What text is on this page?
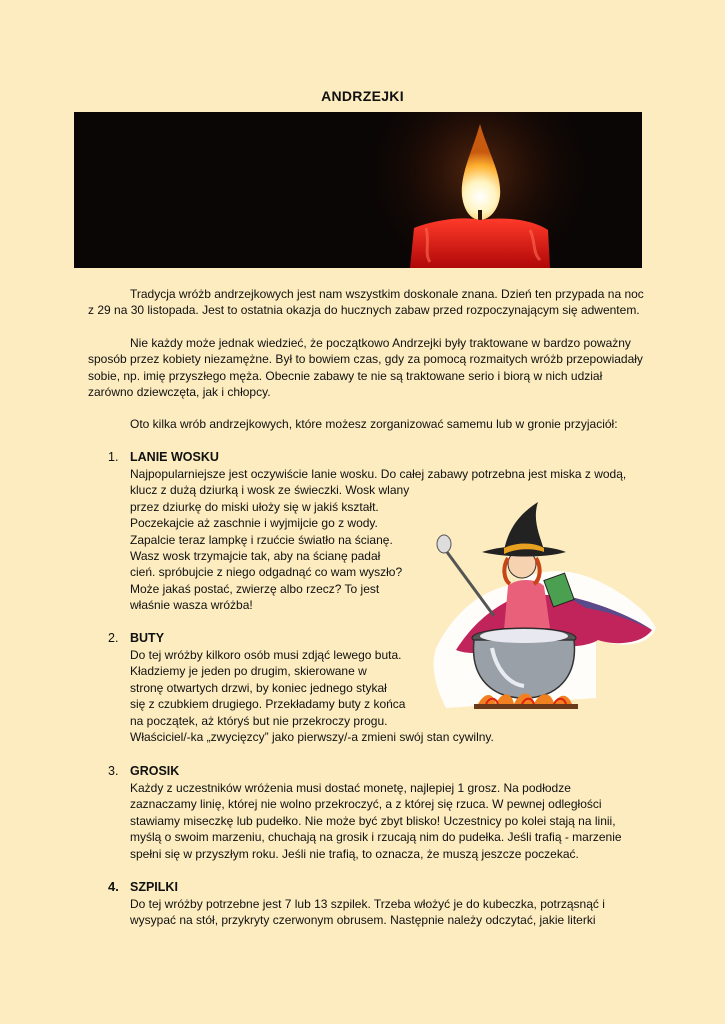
ANDRZEJKI
Tradycja wróżb andrzejkowych jest nam wszystkim doskonale znana. Dzień ten przypada na noc z 29 na 30 listopada. Jest to ostatnia okazja do hucznych zabaw przed rozpoczynającym się adwentem.
Nie każdy może jednak wiedzieć, że początkowo Andrzejki były traktowane w bardzo poważny sposób przez kobiety niezamężne. Był to bowiem czas, gdy za pomocą rozmaitych wróżb przepowiadały sobie, np. imię przyszłego męża. Obecnie zabawy te nie są traktowane serio i biorą w nich udział zarówno dziewczęta, jak i chłopcy.
Oto kilka wrób andrzejkowych, które możesz zorganizować samemu lub w gronie przyjaciół:
1. LANIE WOSKU
Najpopularniejsze jest oczywiście lanie wosku. Do całej zabawy potrzebna jest miska z wodą,
klucz z dużą dziurką i wosk ze świeczki. Wosk wlany
przez dziurkę do miski ułoży się w jakiś kształt.
Poczekajcie aż zaschnie i wyjmijcie go z wody.
Zapalcie teraz lampkę i rzućcie światło na ścianę.
Wasz wosk trzymajcie tak, aby na ścianę padał
cień. spróbujcie z niego odgadnąć co wam wyszło?
Może jakaś postać, zwierzę albo rzecz? To jest
właśnie wasza wróżba!
2. BUTY
Do tej wróżby kilkoro osób musi zdjąć lewego buta.
Kładziemy je jeden po drugim, skierowane w
stronę otwartych drzwi, by koniec jednego stykał
się z czubkiem drugiego. Przekładamy buty z końca
na początek, aż któryś but nie przekroczy progu.
Właściciel/-ka „zwycięzcy” jako pierwszy/-a zmieni swój stan cywilny.
3. GROSIK
Każdy z uczestników wróżenia musi dostać monetę, najlepiej 1 grosz. Na podłodze
zaznaczamy linię, której nie wolno przekroczyć, a z której się rzuca. W pewnej odległości
stawiamy miseczkę lub pudełko. Nie może być zbyt blisko! Uczestnicy po kolei stają na linii,
myślą o swoim marzeniu, chuchają na grosik i rzucają nim do pudełka. Jeśli trafią - marzenie
spełni się w przyszłym roku. Jeśli nie trafią, to oznacza, że muszą jeszcze poczekać.
4. SZPILKI
Do tej wróżby potrzebne jest 7 lub 13 szpilek. Trzeba włożyć je do kubeczka, potrząsnąć i
wysypać na stół, przykryty czerwonym obrusem. Następnie należy odczytać, jakie literki
